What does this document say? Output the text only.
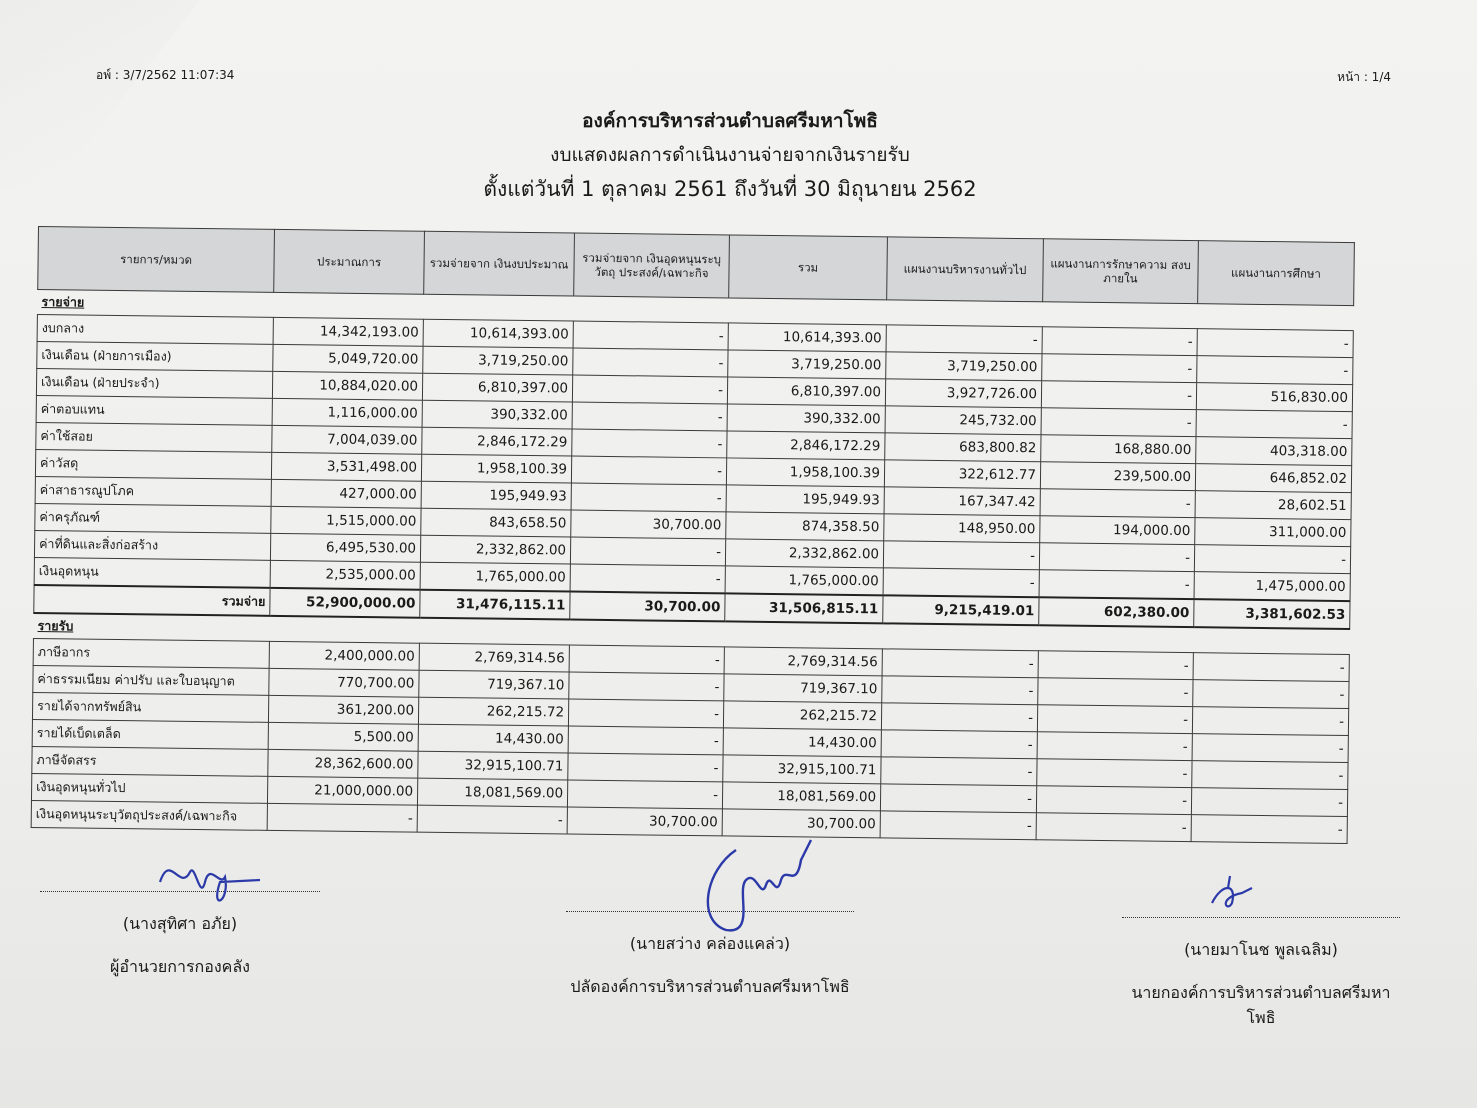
อพ์ : 3/7/2562 11:07:34	หน้า : 1/4
องค์การบริหารส่วนตำบลศรีมหาโพธิ
งบแสดงผลการดำเนินงานจ่ายจากเงินรายรับ
ตั้งแต่วันที่ 1 ตุลาคม 2561 ถึงวันที่ 30 มิถุนายน 2562
รายการ/หมวด	ประมาณการ	รวมจ่ายจาก เงินงบประมาณ	รวมจ่ายจาก เงินอุดหนุนระบุวัตถุ ประสงค์/เฉพาะกิจ	รวม	แผนงานบริหารงานทั่วไป	แผนงานการรักษาความ สงบภายใน	แผนงานการศึกษา
รายจ่าย							
งบกลาง	14,342,193.00	10,614,393.00	-	10,614,393.00	-	-	-
เงินเดือน (ฝ่ายการเมือง)	5,049,720.00	3,719,250.00	-	3,719,250.00	3,719,250.00	-	-
เงินเดือน (ฝ่ายประจำ)	10,884,020.00	6,810,397.00	-	6,810,397.00	3,927,726.00	-	516,830.00
ค่าตอบแทน	1,116,000.00	390,332.00	-	390,332.00	245,732.00	-	-
ค่าใช้สอย	7,004,039.00	2,846,172.29	-	2,846,172.29	683,800.82	168,880.00	403,318.00
ค่าวัสดุ	3,531,498.00	1,958,100.39	-	1,958,100.39	322,612.77	239,500.00	646,852.02
ค่าสาธารณูปโภค	427,000.00	195,949.93	-	195,949.93	167,347.42	-	28,602.51
ค่าครุภัณฑ์	1,515,000.00	843,658.50	30,700.00	874,358.50	148,950.00	194,000.00	311,000.00
ค่าที่ดินและสิ่งก่อสร้าง	6,495,530.00	2,332,862.00	-	2,332,862.00	-	-	-
เงินอุดหนุน	2,535,000.00	1,765,000.00	-	1,765,000.00	-	-	1,475,000.00
รวมจ่าย	52,900,000.00	31,476,115.11	30,700.00	31,506,815.11	9,215,419.01	602,380.00	3,381,602.53
รายรับ							
ภาษีอากร	2,400,000.00	2,769,314.56	-	2,769,314.56	-	-	-
ค่าธรรมเนียม ค่าปรับ และใบอนุญาต	770,700.00	719,367.10	-	719,367.10	-	-	-
รายได้จากทรัพย์สิน	361,200.00	262,215.72	-	262,215.72	-	-	-
รายได้เบ็ดเตล็ด	5,500.00	14,430.00	-	14,430.00	-	-	-
ภาษีจัดสรร	28,362,600.00	32,915,100.71	-	32,915,100.71	-	-	-
เงินอุดหนุนทั่วไป	21,000,000.00	18,081,569.00	-	18,081,569.00	-	-	-
เงินอุดหนุนระบุวัตถุประสงค์/เฉพาะกิจ	-	-	30,700.00	30,700.00	-	-	-
(นางสุทิศา อภัย)
ผู้อำนวยการกองคลัง
(นายสว่าง คล่องแคล่ว)
ปลัดองค์การบริหารส่วนตำบลศรีมหาโพธิ
(นายมาโนช พูลเฉลิม)
นายกองค์การบริหารส่วนตำบลศรีมหาโพธิ
